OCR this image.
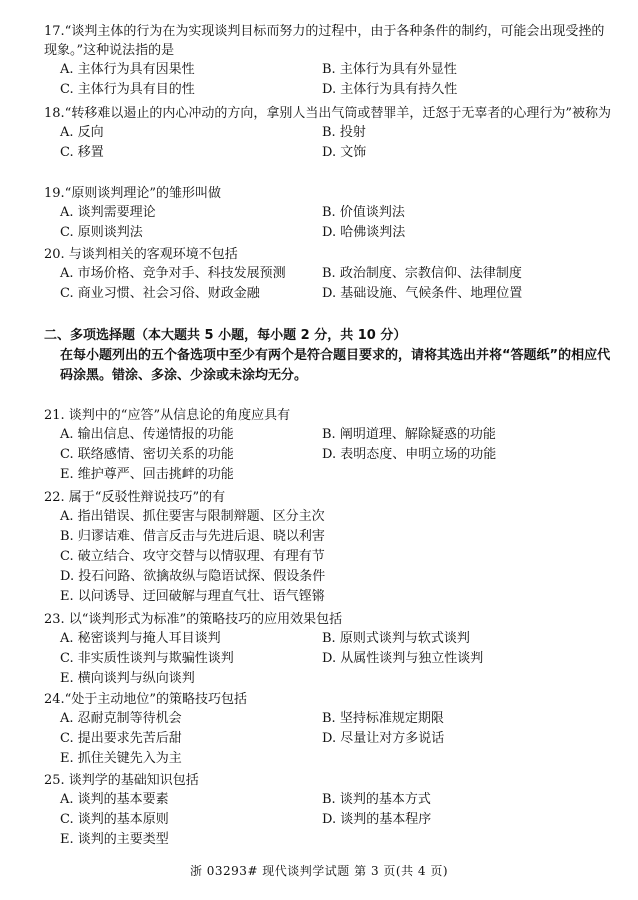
17.“谈判主体的行为在为实现谈判目标而努力的过程中，由于各种条件的制约，可能会出现受挫的现象。”这种说法指的是
A. 主体行为具有因果性	B. 主体行为具有外显性
C. 主体行为具有目的性	D. 主体行为具有持久性
18.“转移难以遏止的内心冲动的方向，拿别人当出气筒或替罪羊，迁怒于无辜者的心理行为”被称为
A. 反向	B. 投射
C. 移置	D. 文饰
19.“原则谈判理论”的雏形叫做
A. 谈判需要理论	B. 价值谈判法
C. 原则谈判法	D. 哈佛谈判法
20. 与谈判相关的客观环境不包括
A. 市场价格、竞争对手、科技发展预测	B. 政治制度、宗教信仰、法律制度
C. 商业习惯、社会习俗、财政金融	D. 基础设施、气候条件、地理位置
二、多项选择题（本大题共 5 小题，每小题 2 分，共 10 分）
在每小题列出的五个备选项中至少有两个是符合题目要求的，请将其选出并将“答题纸”的相应代码涂黑。错涂、多涂、少涂或未涂均无分。
21. 谈判中的“应答”从信息论的角度应具有
A. 输出信息、传递情报的功能	B. 阐明道理、解除疑惑的功能
C. 联络感情、密切关系的功能	D. 表明态度、申明立场的功能
E. 维护尊严、回击挑衅的功能
22. 属于“反驳性辩说技巧”的有
A. 指出错误、抓住要害与限制辩题、区分主次
B. 归谬诘难、借言反击与先进后退、晓以利害
C. 破立结合、攻守交替与以情驭理、有理有节
D. 投石问路、欲擒故纵与隐语试探、假设条件
E. 以问诱导、迂回破解与理直气壮、语气铿锵
23. 以“谈判形式为标准”的策略技巧的应用效果包括
A. 秘密谈判与掩人耳目谈判	B. 原则式谈判与软式谈判
C. 非实质性谈判与欺骗性谈判	D. 从属性谈判与独立性谈判
E. 横向谈判与纵向谈判
24.“处于主动地位”的策略技巧包括
A. 忍耐克制等待机会	B. 坚持标准规定期限
C. 提出要求先苦后甜	D. 尽量让对方多说话
E. 抓住关键先入为主
25. 谈判学的基础知识包括
A. 谈判的基本要素	B. 谈判的基本方式
C. 谈判的基本原则	D. 谈判的基本程序
E. 谈判的主要类型
浙 03293# 现代谈判学试题 第 3 页(共 4 页)
